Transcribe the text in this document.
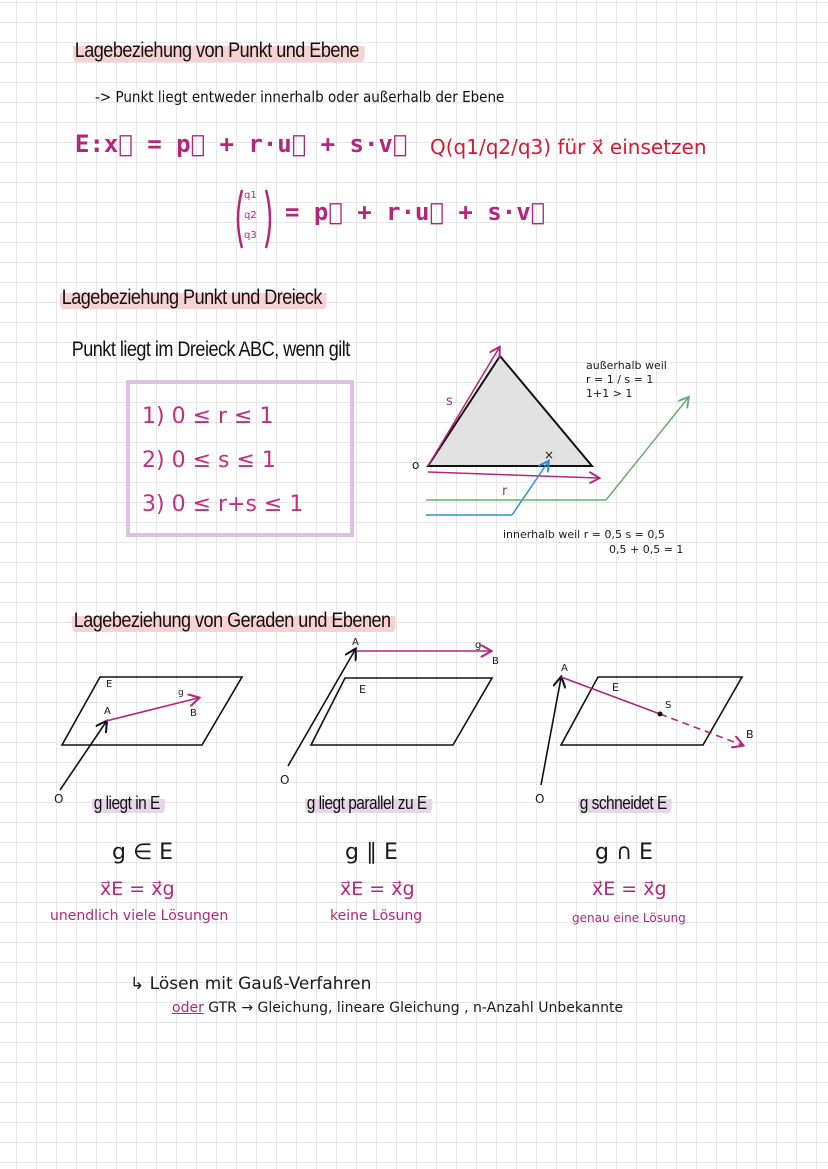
Lagebeziehung von Punkt und Ebene
-> Punkt liegt entweder innerhalb oder außerhalb der Ebene
E:x⃗ = p⃗ + r·u⃗ + s·v⃗ Q(q1/q2/q3) für x⃗ einsetzen
q1
q2
q3
= p⃗ + r·u⃗ + s·v⃗
Lagebeziehung Punkt und Dreieck
Punkt liegt im Dreieck ABC, wenn gilt
1) 0 ≤ r ≤ 1
2) 0 ≤ s ≤ 1
3) 0 ≤ r+s ≤ 1
s
r
o
×
außerhalb weil
r = 1 / s = 1
1+1 > 1
innerhalb weil r = 0,5 s = 0,5
0,5 + 0,5 = 1
Lagebeziehung von Geraden und Ebenen
E
A	B
g
O
E
A
B
g
O
E
A
B
S
O
g liegt in E	g liegt parallel zu E	g schneidet E
g ∈ E	g ∥ E	g ∩ E
x⃗E = x⃗g	x⃗E = x⃗g	x⃗E = x⃗g
unendlich viele Lösungen	keine Lösung	genau eine Lösung
↳ Lösen mit Gauß-Verfahren
oder GTR → Gleichung, lineare Gleichung , n-Anzahl Unbekannte
